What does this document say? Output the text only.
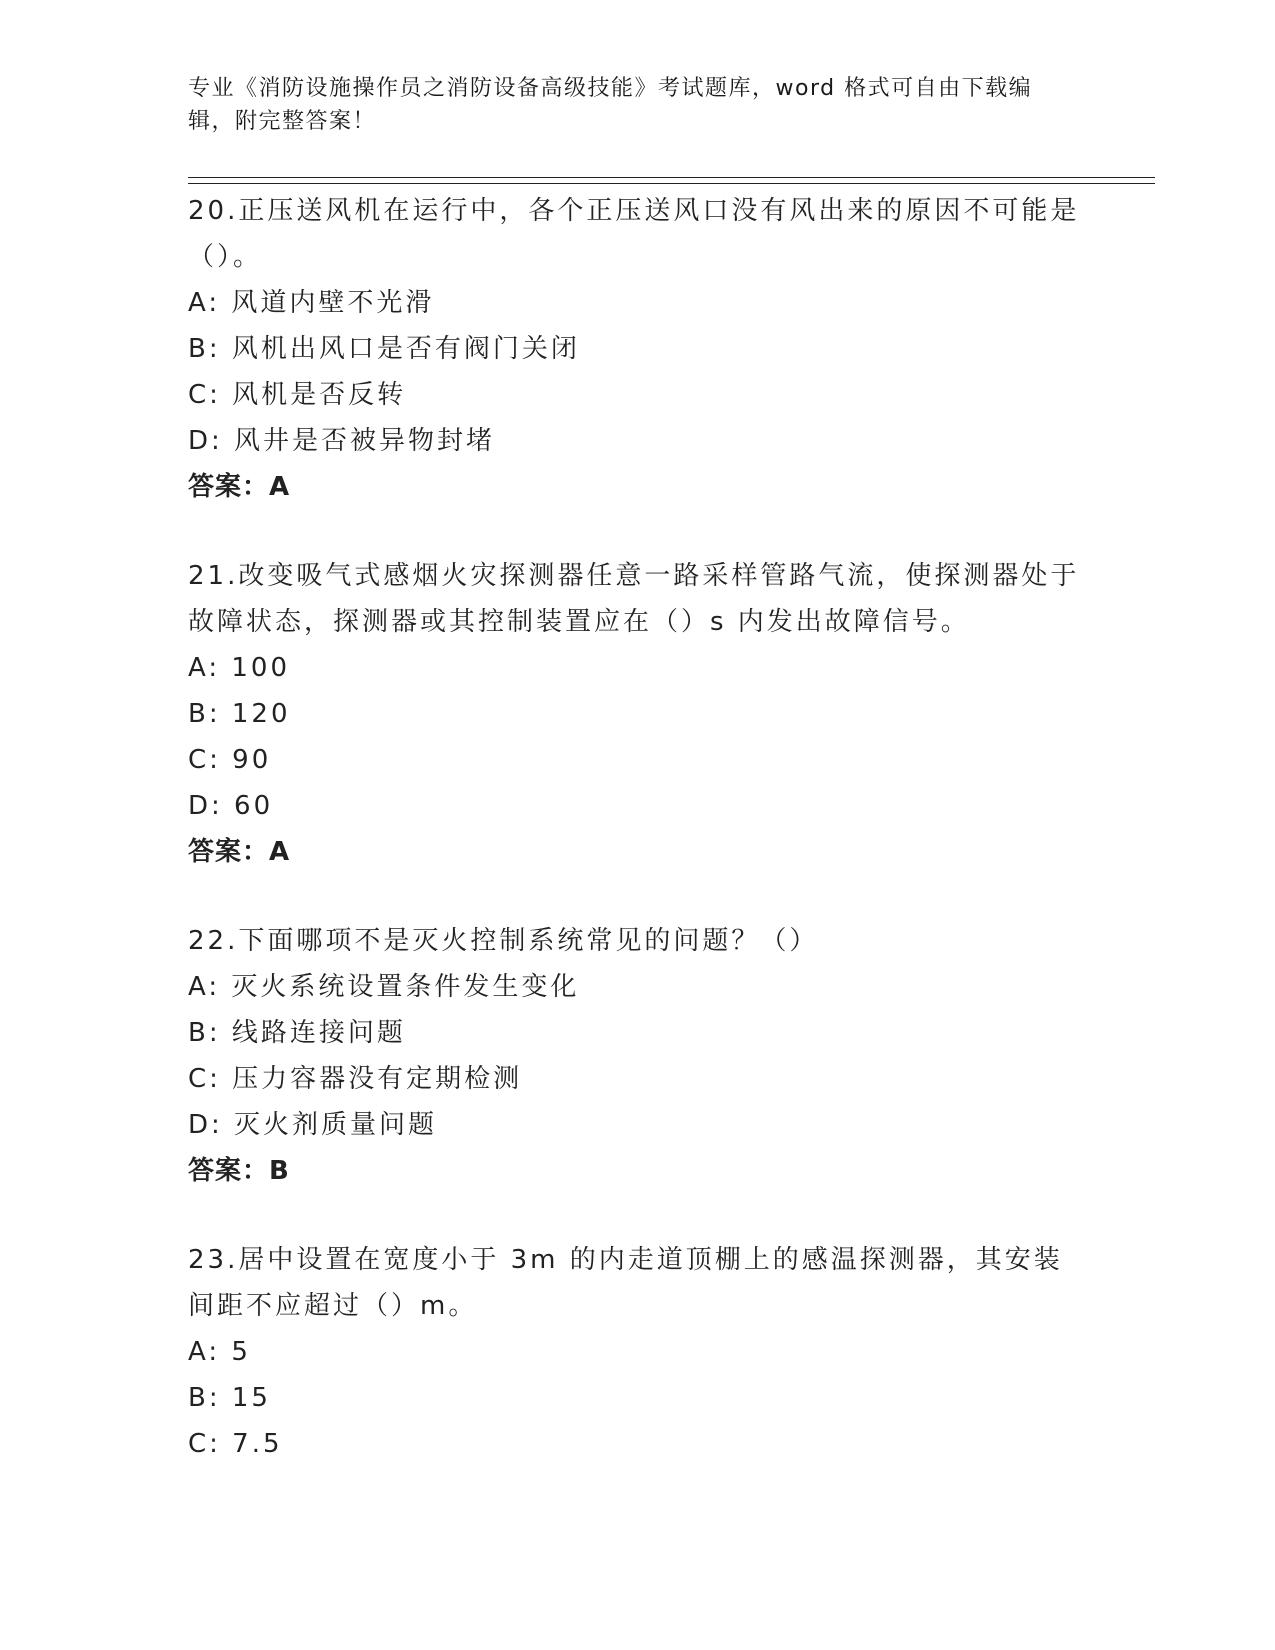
专业《消防设施操作员之消防设备高级技能》考试题库，word 格式可自由下载编辑，附完整答案！
20.正压送风机在运行中，各个正压送风口没有风出来的原因不可能是（）。
A: 风道内壁不光滑
B: 风机出风口是否有阀门关闭
C: 风机是否反转
D: 风井是否被异物封堵
答案：A
21.改变吸气式感烟火灾探测器任意一路采样管路气流，使探测器处于故障状态，探测器或其控制装置应在（）s 内发出故障信号。
A: 100
B: 120
C: 90
D: 60
答案：A
22.下面哪项不是灭火控制系统常见的问题？（）
A: 灭火系统设置条件发生变化
B: 线路连接问题
C: 压力容器没有定期检测
D: 灭火剂质量问题
答案：B
23.居中设置在宽度小于 3m 的内走道顶棚上的感温探测器，其安装间距不应超过（）m。
A: 5
B: 15
C: 7.5
